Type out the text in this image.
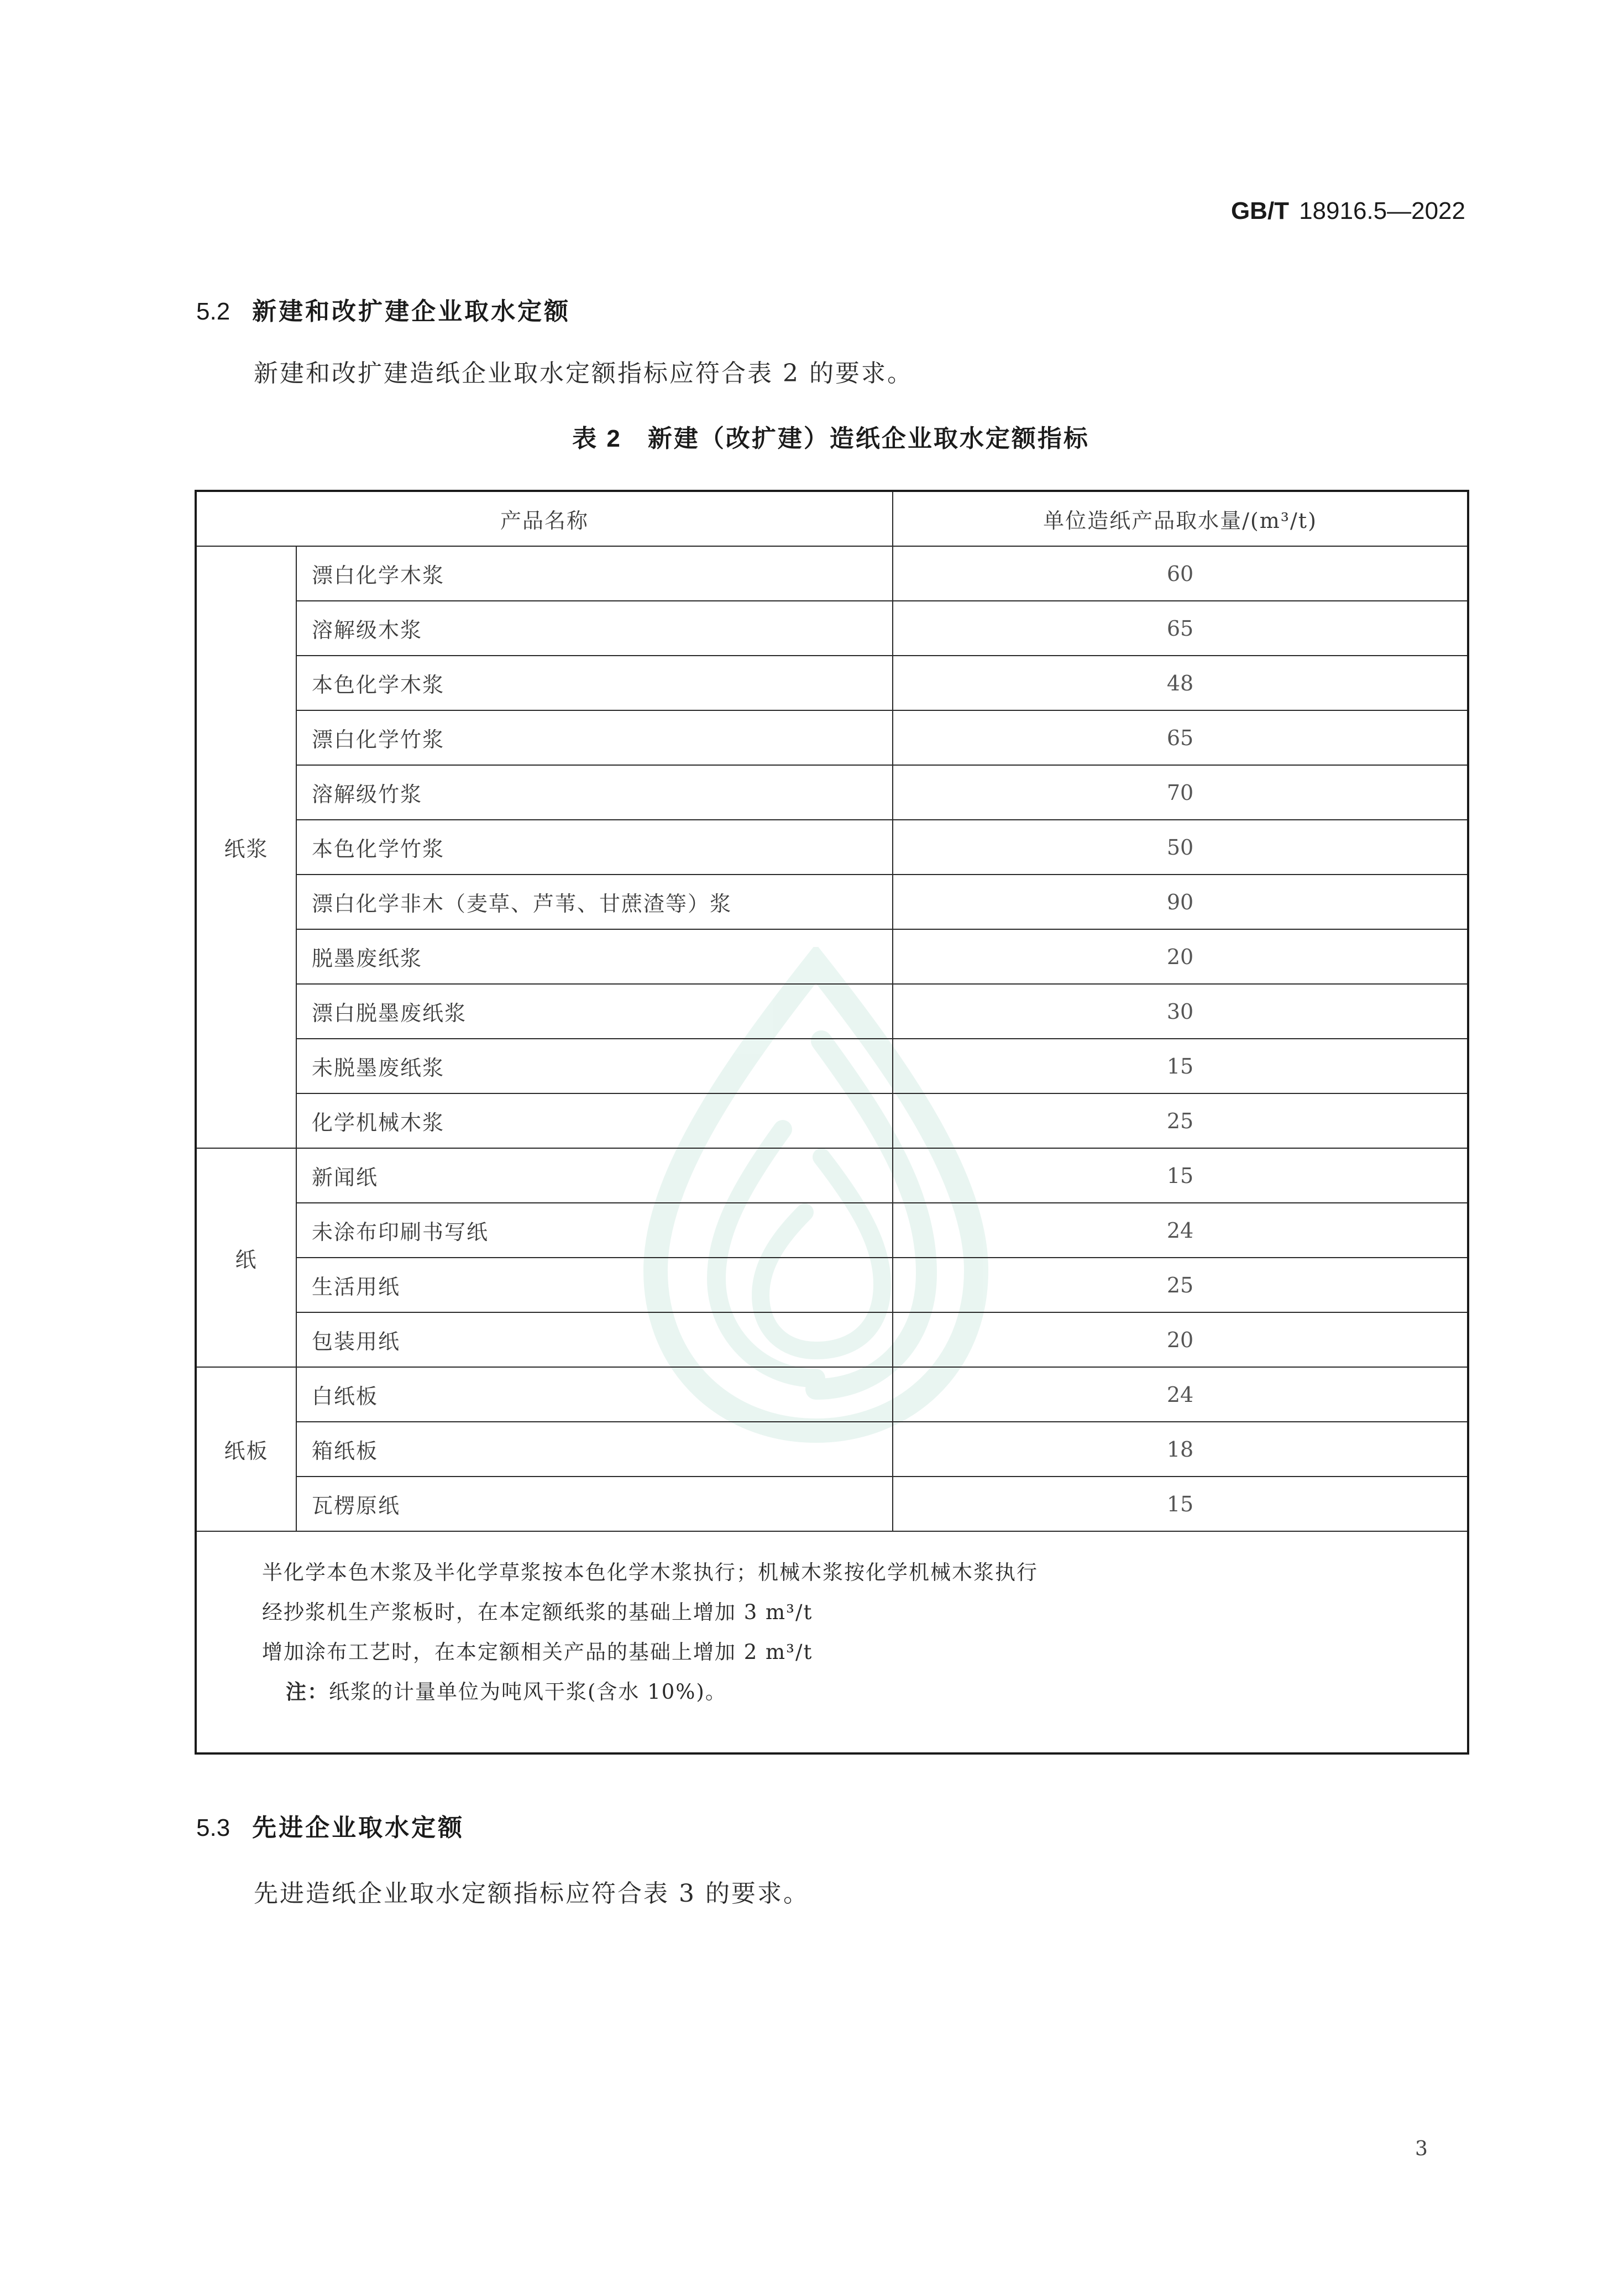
GB/T 18916.5—2022
5.2 新建和改扩建企业取水定额
新建和改扩建造纸企业取水定额指标应符合表 2 的要求。
表 2　新建（改扩建）造纸企业取水定额指标
产品名称		单位造纸产品取水量/(m³/t)
纸浆	漂白化学木浆	60
	溶解级木浆	65
	本色化学木浆	48
	漂白化学竹浆	65
	溶解级竹浆	70
	本色化学竹浆	50
	漂白化学非木（麦草、芦苇、甘蔗渣等）浆	90
	脱墨废纸浆	20
	漂白脱墨废纸浆	30
	未脱墨废纸浆	15
	化学机械木浆	25
纸	新闻纸	15
	未涂布印刷书写纸	24
	生活用纸	25
	包装用纸	20
纸板	白纸板	24
	箱纸板	18
	瓦楞原纸	15

半化学本色木浆及半化学草浆按本色化学木浆执行；机械木浆按化学机械木浆执行
经抄浆机生产浆板时，在本定额纸浆的基础上增加 3 m³/t
增加涂布工艺时，在本定额相关产品的基础上增加 2 m³/t
注：纸浆的计量单位为吨风干浆(含水 10%)。		
5.3 先进企业取水定额
先进造纸企业取水定额指标应符合表 3 的要求。
3
